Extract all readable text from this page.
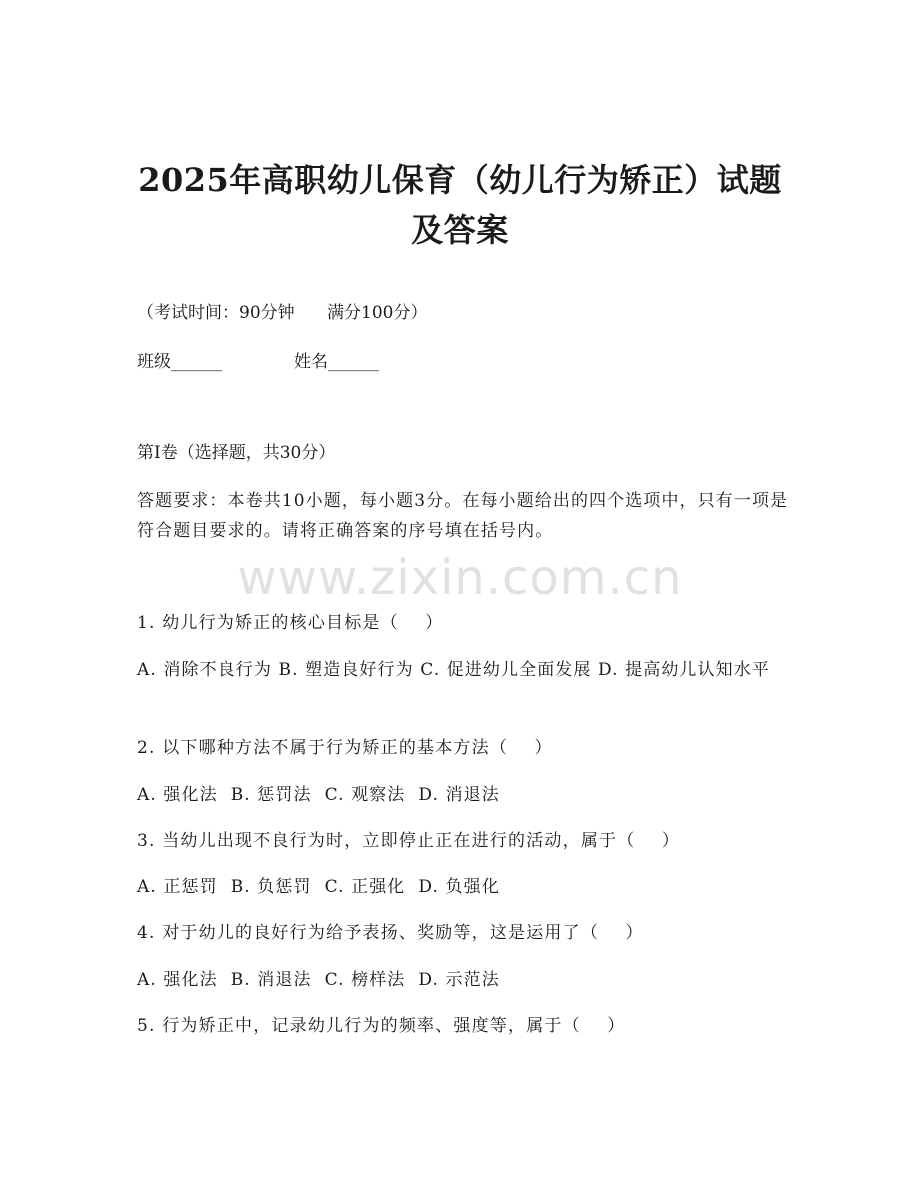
2025年高职幼儿保育（幼儿行为矫正）试题
及答案

（考试时间：90分钟      满分100分）

班级______	姓名______

第Ⅰ卷（选择题，共30分）

答题要求：本卷共10小题，每小题3分。在每小题给出的四个选项中，只有一项是符合题目要求的。请将正确答案的序号填在括号内。

www.zixin.com.cn

1. 幼儿行为矫正的核心目标是（    ）

A. 消除不良行为 B. 塑造良好行为 C. 促进幼儿全面发展 D. 提高幼儿认知水平

2. 以下哪种方法不属于行为矫正的基本方法（    ）

A. 强化法  B. 惩罚法  C. 观察法  D. 消退法

3. 当幼儿出现不良行为时，立即停止正在进行的活动，属于（    ）

A. 正惩罚  B. 负惩罚  C. 正强化  D. 负强化

4. 对于幼儿的良好行为给予表扬、奖励等，这是运用了（    ）

A. 强化法  B. 消退法  C. 榜样法  D. 示范法

5. 行为矫正中，记录幼儿行为的频率、强度等，属于（    ）
